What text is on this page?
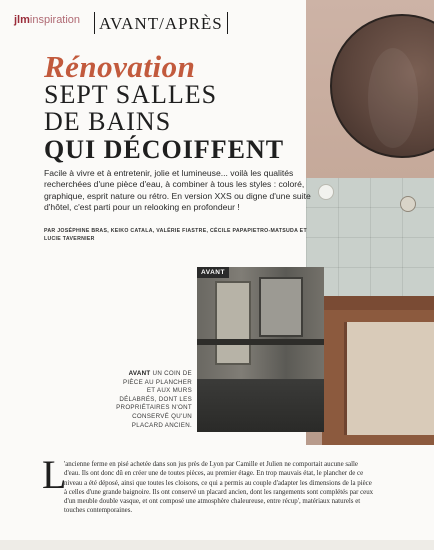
jlminspiration	AVANT/APRÈS
Rénovation
SEPT SALLES
DE BAINS
QUI DÉCOIFFENT
Facile à vivre et à entretenir, jolie et lumineuse... voilà les qualités recherchées d'une pièce d'eau, à combiner à tous les styles : coloré, graphique, esprit nature ou rétro. En version XXS ou digne d'une suite d'hôtel, c'est parti pour un relooking en profondeur !
PAR JOSÉPHINE BRAS, KEIKO CATALA, VALÉRIE FIASTRE, CÉCILE PAPAPIETRO-MATSUDA ET LUCIE TAVERNIER
AVANT
AVANT UN COIN DE PIÈCE AU PLANCHER ET AUX MURS DÉLABRÉS, DONT LES PROPRIÉTAIRES N'ONT CONSERVÉ QU'UN PLACARD ANCIEN.
L
'ancienne ferme en pisé achetée dans son jus près de Lyon par Camille et Julien ne comportait aucune salle d'eau. Ils ont donc dû en créer une de toutes pièces, au premier étage. En trop mauvais état, le plancher de ce niveau a été déposé, ainsi que toutes les cloisons, ce qui a permis au couple d'adapter les dimensions de la pièce à celles d'une grande baignoire. Ils ont conservé un placard ancien, dont les rangements sont complétés par ceux d'un meuble double vasque, et ont composé une atmosphère chaleureuse, entre récup', matériaux naturels et touches contemporaines.
